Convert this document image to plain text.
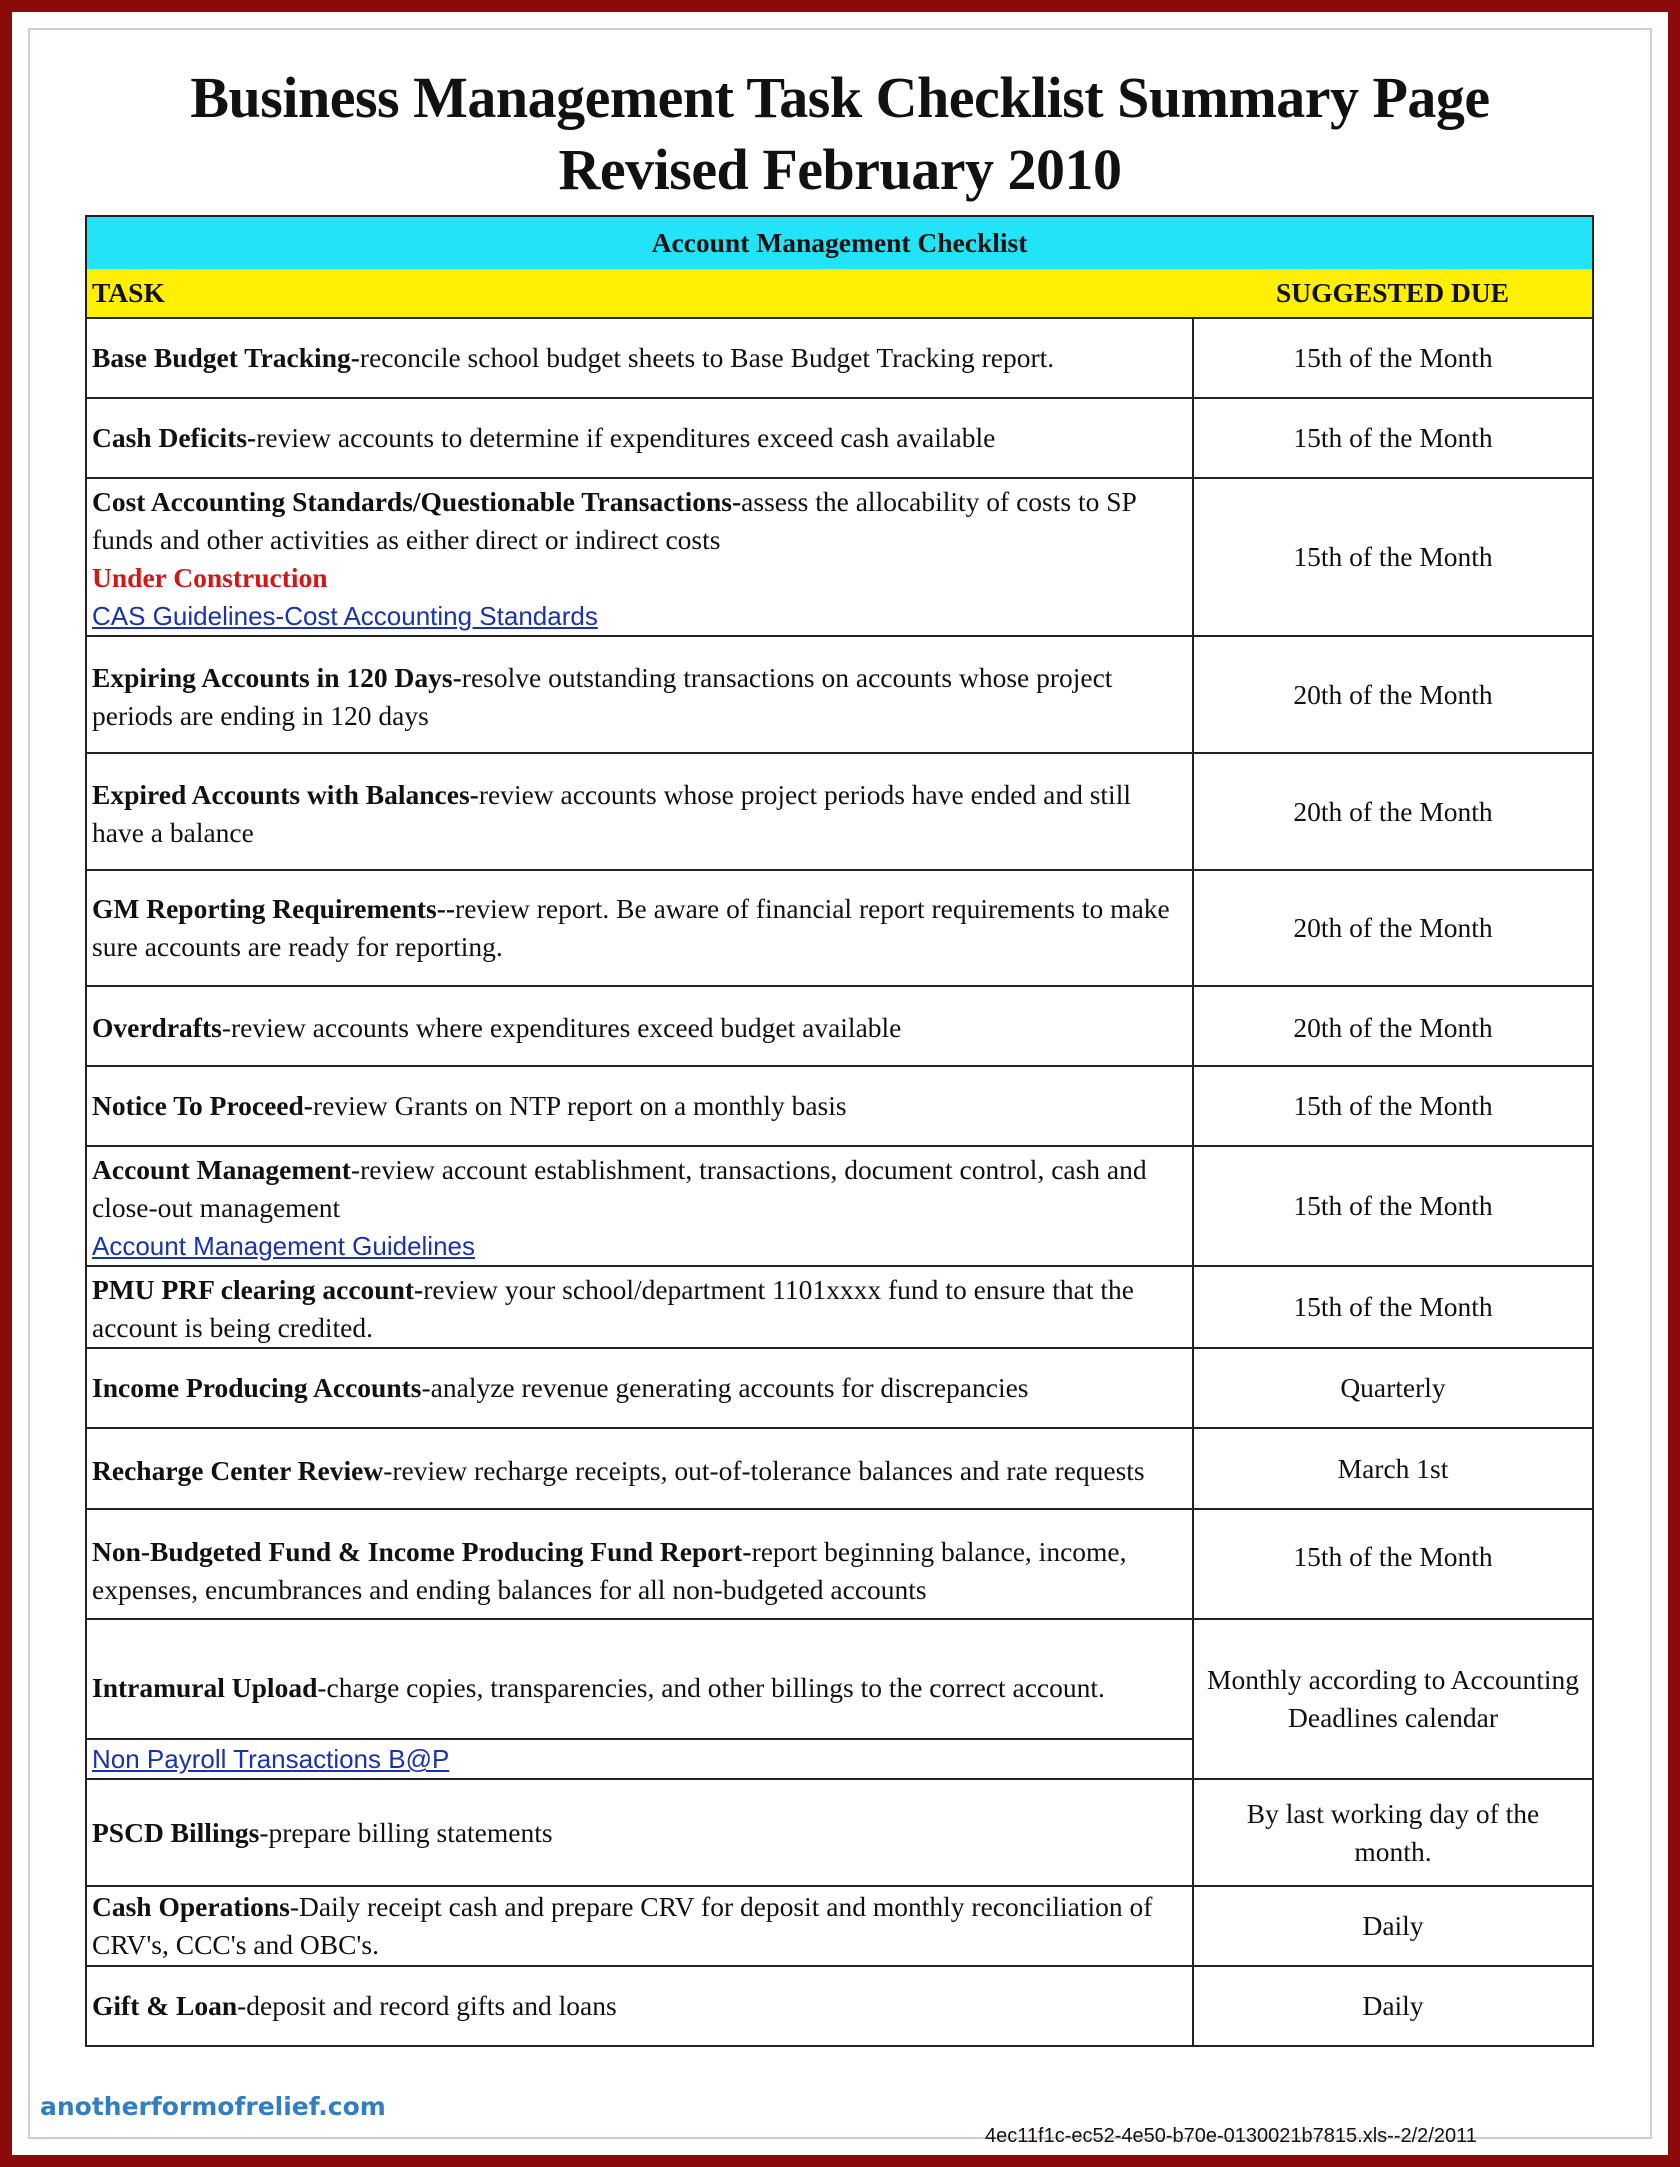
Business Management Task Checklist Summary Page
Revised February 2010
Account Management Checklist	
TASK	SUGGESTED DUE
Base Budget Tracking-reconcile school budget sheets to Base Budget Tracking report.	15th of the Month
Cash Deficits-review accounts to determine if expenditures exceed cash available	15th of the Month
Cost Accounting Standards/Questionable Transactions-assess the allocability of costs to SP funds and other activities as either direct or indirect costs
Under Construction
CAS Guidelines-Cost Accounting Standards	15th of the Month
Expiring Accounts in 120 Days-resolve outstanding transactions on accounts whose project periods are ending in 120 days	20th of the Month
Expired Accounts with Balances-review accounts whose project periods have ended and still have a balance	20th of the Month
GM Reporting Requirements--review report. Be aware of financial report requirements to make sure accounts are ready for reporting.	20th of the Month
Overdrafts-review accounts where expenditures exceed budget available	20th of the Month
Notice To Proceed-review Grants on NTP report on a monthly basis	15th of the Month
Account Management-review account establishment, transactions, document control, cash and close-out management
Account Management Guidelines	15th of the Month
PMU PRF clearing account-review your school/department 1101xxxx fund to ensure that the account is being credited.	15th of the Month
Income Producing Accounts-analyze revenue generating accounts for discrepancies	Quarterly
Recharge Center Review-review recharge receipts, out-of-tolerance balances and rate requests	March 1st
Non-Budgeted Fund & Income Producing Fund Report-report beginning balance, income, expenses, encumbrances and ending balances for all non-budgeted accounts	15th of the Month
Intramural Upload-charge copies, transparencies, and other billings to the correct account.	Monthly according to Accounting Deadlines calendar
Non Payroll Transactions B@P	
PSCD Billings-prepare billing statements	By last working day of the month.
Cash Operations-Daily receipt cash and prepare CRV for deposit and monthly reconciliation of CRV's, CCC's and OBC's.	Daily
Gift & Loan-deposit and record gifts and loans	Daily
anotherformofrelief.com
4ec11f1c-ec52-4e50-b70e-0130021b7815.xls--2/2/2011
